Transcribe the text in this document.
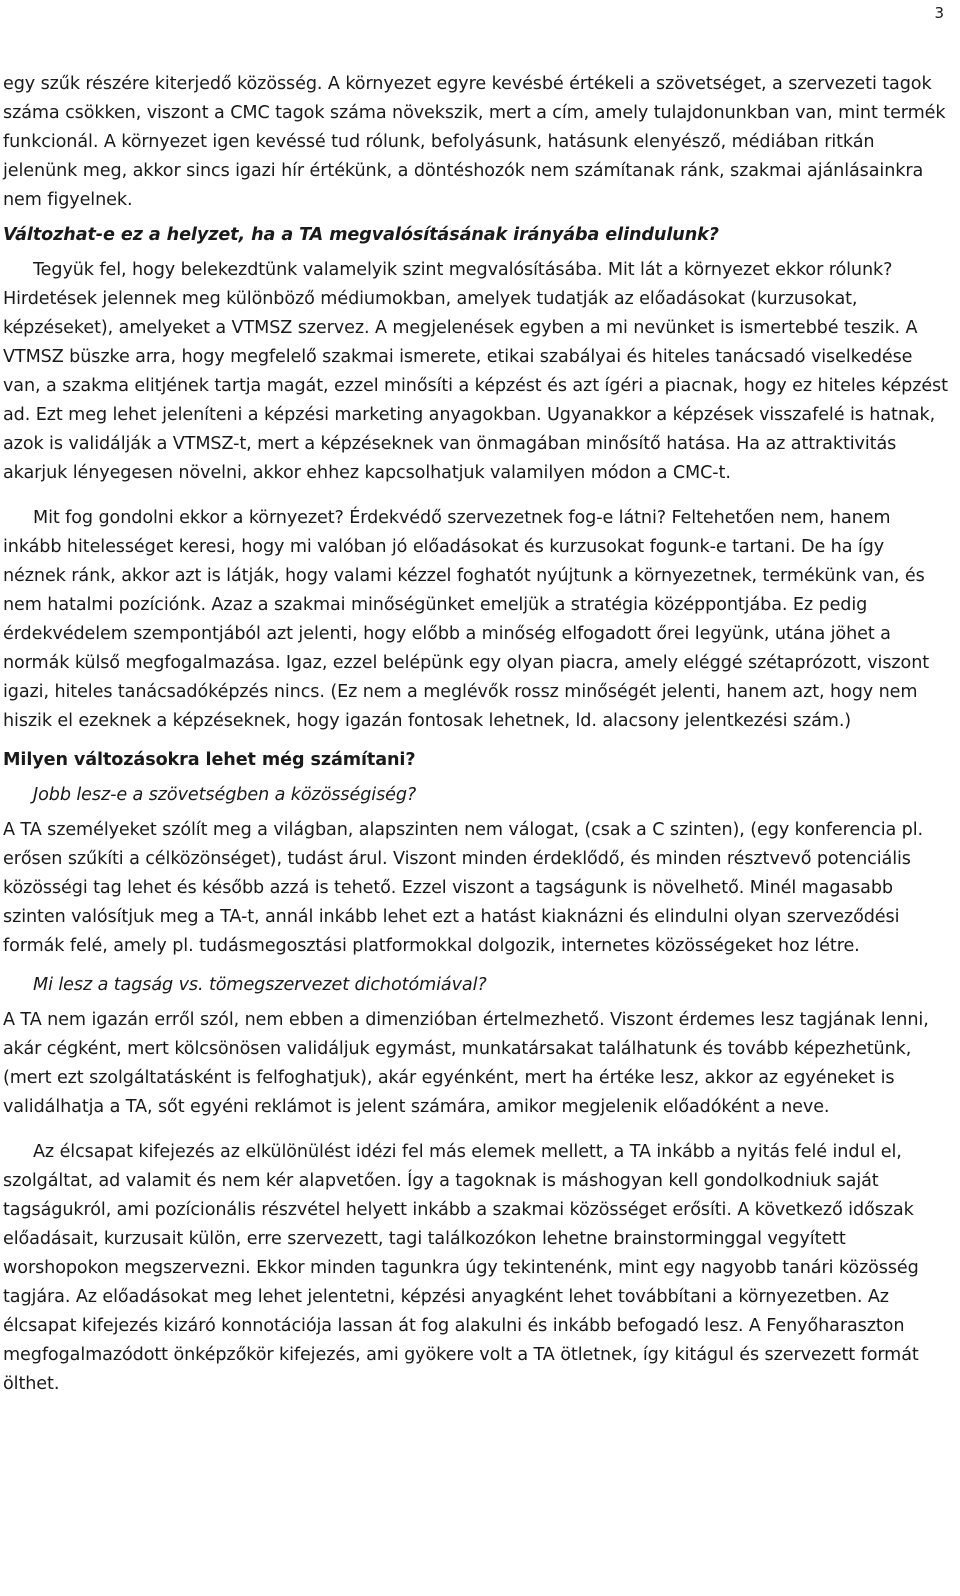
3

egy szűk részére kiterjedő közösség. A környezet egyre kevésbé értékeli a szövetséget, a szervezeti tagok száma csökken, viszont a CMC tagok száma növekszik, mert a cím, amely tulajdonunkban van, mint termék funkcionál. A környezet igen kevéssé tud rólunk, befolyásunk, hatásunk elenyésző, médiában ritkán jelenünk meg, akkor sincs igazi hír értékünk, a döntéshozók nem számítanak ránk, szakmai ajánlásainkra nem figyelnek.

Változhat-e ez a helyzet, ha a TA megvalósításának irányába elindulunk?

Tegyük fel, hogy belekezdtünk valamelyik szint megvalósításába. Mit lát a környezet ekkor rólunk? Hirdetések jelennek meg különböző médiumokban, amelyek tudatják az előadásokat (kurzusokat, képzéseket), amelyeket a VTMSZ szervez. A megjelenések egyben a mi nevünket is ismertebbé teszik. A VTMSZ büszke arra, hogy megfelelő szakmai ismerete, etikai szabályai és hiteles tanácsadó viselkedése van, a szakma elitjének tartja magát, ezzel minősíti a képzést és azt ígéri a piacnak, hogy ez hiteles képzést ad. Ezt meg lehet jeleníteni a képzési marketing anyagokban. Ugyanakkor a képzések visszafelé is hatnak, azok is validálják a VTMSZ-t, mert a képzéseknek van önmagában minősítő hatása. Ha az attraktivitás akarjuk lényegesen növelni, akkor ehhez kapcsolhatjuk valamilyen módon a CMC-t.

Mit fog gondolni ekkor a környezet? Érdekvédő szervezetnek fog-e látni? Feltehetően nem, hanem inkább hitelességet keresi, hogy mi valóban jó előadásokat és kurzusokat fogunk-e tartani. De ha így néznek ránk, akkor azt is látják, hogy valami kézzel foghatót nyújtunk a környezetnek, termékünk van, és nem hatalmi pozíciónk. Azaz a szakmai minőségünket emeljük a stratégia középpontjába. Ez pedig érdekvédelem szempontjából azt jelenti, hogy előbb a minőség elfogadott őrei legyünk, utána jöhet a normák külső megfogalmazása. Igaz, ezzel belépünk egy olyan piacra, amely eléggé szétaprózott, viszont igazi, hiteles tanácsadóképzés nincs. (Ez nem a meglévők rossz minőségét jelenti, hanem azt, hogy nem hiszik el ezeknek a képzéseknek, hogy igazán fontosak lehetnek, ld. alacsony jelentkezési szám.)

Milyen változásokra lehet még számítani?

Jobb lesz-e a szövetségben a közösségiség?

A TA személyeket szólít meg a világban, alapszinten nem válogat, (csak a C szinten), (egy konferencia pl. erősen szűkíti a célközönséget), tudást árul. Viszont minden érdeklődő, és minden résztvevő potenciális közösségi tag lehet és később azzá is tehető. Ezzel viszont a tagságunk is növelhető. Minél magasabb szinten valósítjuk meg a TA-t, annál inkább lehet ezt a hatást kiaknázni és elindulni olyan szerveződési formák felé, amely pl. tudásmegosztási platformokkal dolgozik, internetes közösségeket hoz létre.

Mi lesz a tagság vs. tömegszervezet dichotómiával?

A TA nem igazán erről szól, nem ebben a dimenzióban értelmezhető. Viszont érdemes lesz tagjának lenni, akár cégként, mert kölcsönösen validáljuk egymást, munkatársakat találhatunk és tovább képezhetünk, (mert ezt szolgáltatásként is felfoghatjuk), akár egyénként, mert ha értéke lesz, akkor az egyéneket is validálhatja a TA, sőt egyéni reklámot is jelent számára, amikor megjelenik előadóként a neve.

Az élcsapat kifejezés az elkülönülést idézi fel más elemek mellett, a TA inkább a nyitás felé indul el, szolgáltat, ad valamit és nem kér alapvetően. Így a tagoknak is máshogyan kell gondolkodniuk saját tagságukról, ami pozícionális részvétel helyett inkább a szakmai közösséget erősíti. A következő időszak előadásait, kurzusait külön, erre szervezett, tagi találkozókon lehetne brainstorminggal vegyített worshopokon megszervezni. Ekkor minden tagunkra úgy tekintenénk, mint egy nagyobb tanári közösség tagjára. Az előadásokat meg lehet jelentetni, képzési anyagként lehet továbbítani a környezetben. Az élcsapat kifejezés kizáró konnotációja lassan át fog alakulni és inkább befogadó lesz. A Fenyőharaszton megfogalmazódott önképzőkör kifejezés, ami gyökere volt a TA ötletnek, így kitágul és szervezett formát ölthet.
